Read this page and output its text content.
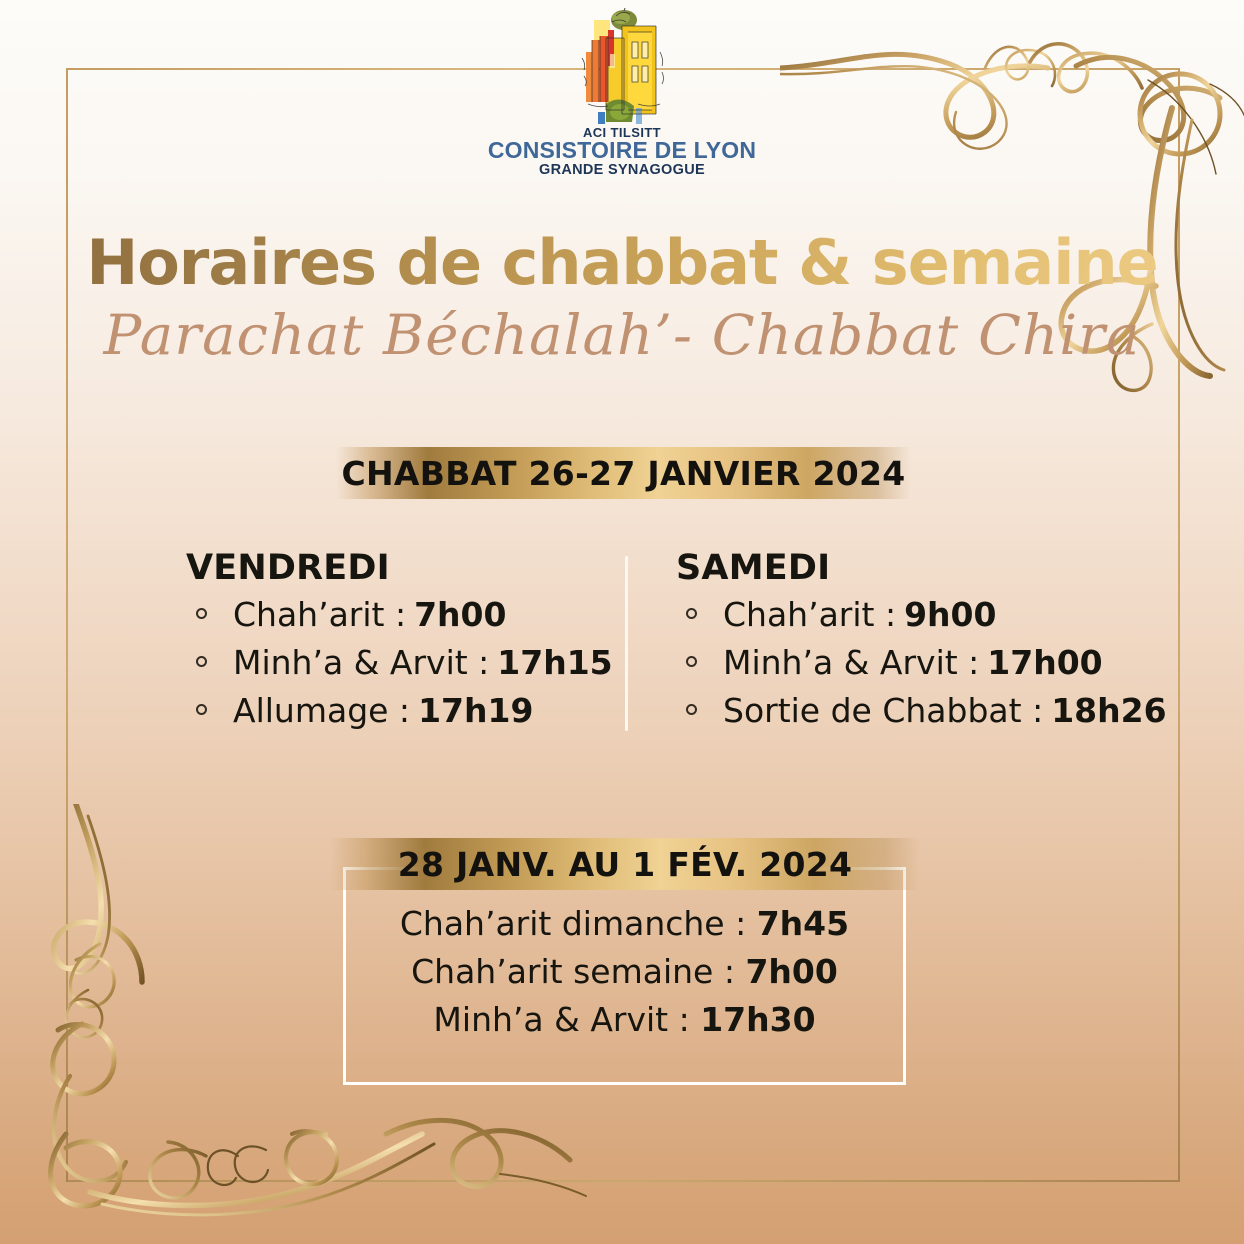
ACI TILSITT
CONSISTOIRE DE LYON
GRANDE SYNAGOGUE
Horaires de chabbat & semaine
Parachat Béchalah’- Chabbat Chira
CHABBAT 26-27 JANVIER 2024
VENDREDI
Chah’arit : 7h00
Minh’a & Arvit : 17h15
Allumage : 17h19
SAMEDI
Chah’arit : 9h00
Minh’a & Arvit : 17h00
Sortie de Chabbat : 18h26
28 JANV. AU 1 FÉV. 2024
Chah’arit dimanche : 7h45
Chah’arit semaine : 7h00
Minh’a & Arvit : 17h30
